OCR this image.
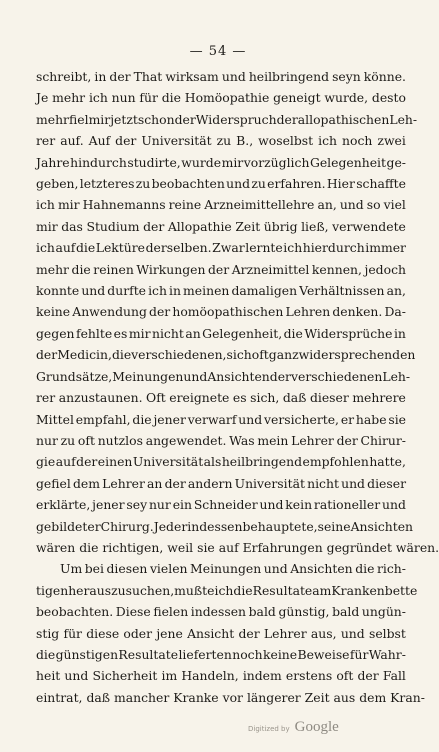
— 54 —
schreibt, in der That wirksam und heilbringend seyn könne.
Je mehr ich nun für die Homöopathie geneigt wurde, desto
mehr fiel mir jetzt schon der Widerspruch der allopathischen Leh-
rer auf. Auf der Universität zu B., woselbst ich noch zwei
Jahre hindurch studirte, wurde mir vorzüglich Gelegenheit ge-
geben, letzteres zu beobachten und zu erfahren. Hier schaffte
ich mir Hahnemanns reine Arzneimittellehre an, und so viel
mir das Studium der Allopathie Zeit übrig ließ, verwendete
ich auf die Lektüre derselben. Zwar lernte ich hierdurch immer
mehr die reinen Wirkungen der Arzneimittel kennen, jedoch
konnte und durfte ich in meinen damaligen Verhältnissen an,
keine Anwendung der homöopathischen Lehren denken. Da-
gegen fehlte es mir nicht an Gelegenheit, die Widersprüche in
der Medicin, die verschiedenen, sich oft ganz widersprechenden
Grundsätze, Meinungen und Ansichten der verschiedenen Leh-
rer anzustaunen. Oft ereignete es sich, daß dieser mehrere
Mittel empfahl, die jener verwarf und versicherte, er habe sie
nur zu oft nutzlos angewendet. Was mein Lehrer der Chirur-
gie auf der einen Universität als heilbringend empfohlen hatte,
gefiel dem Lehrer an der andern Universität nicht und dieser
erklärte, jener sey nur ein Schneider und kein rationeller und
gebildeter Chirurg. Jeder indessen behauptete, seine Ansichten
wären die richtigen, weil sie auf Erfahrungen gegründet wären.
Um bei diesen vielen Meinungen und Ansichten die rich-
tigen herauszusuchen, mußte ich die Resultate am Krankenbette
beobachten. Diese fielen indessen bald günstig, bald ungün-
stig für diese oder jene Ansicht der Lehrer aus, und selbst
die günstigen Resultate lieferten noch keine Beweise für Wahr-
heit und Sicherheit im Handeln, indem erstens oft der Fall
eintrat, daß mancher Kranke vor längerer Zeit aus dem Kran-
Digitized by Google
